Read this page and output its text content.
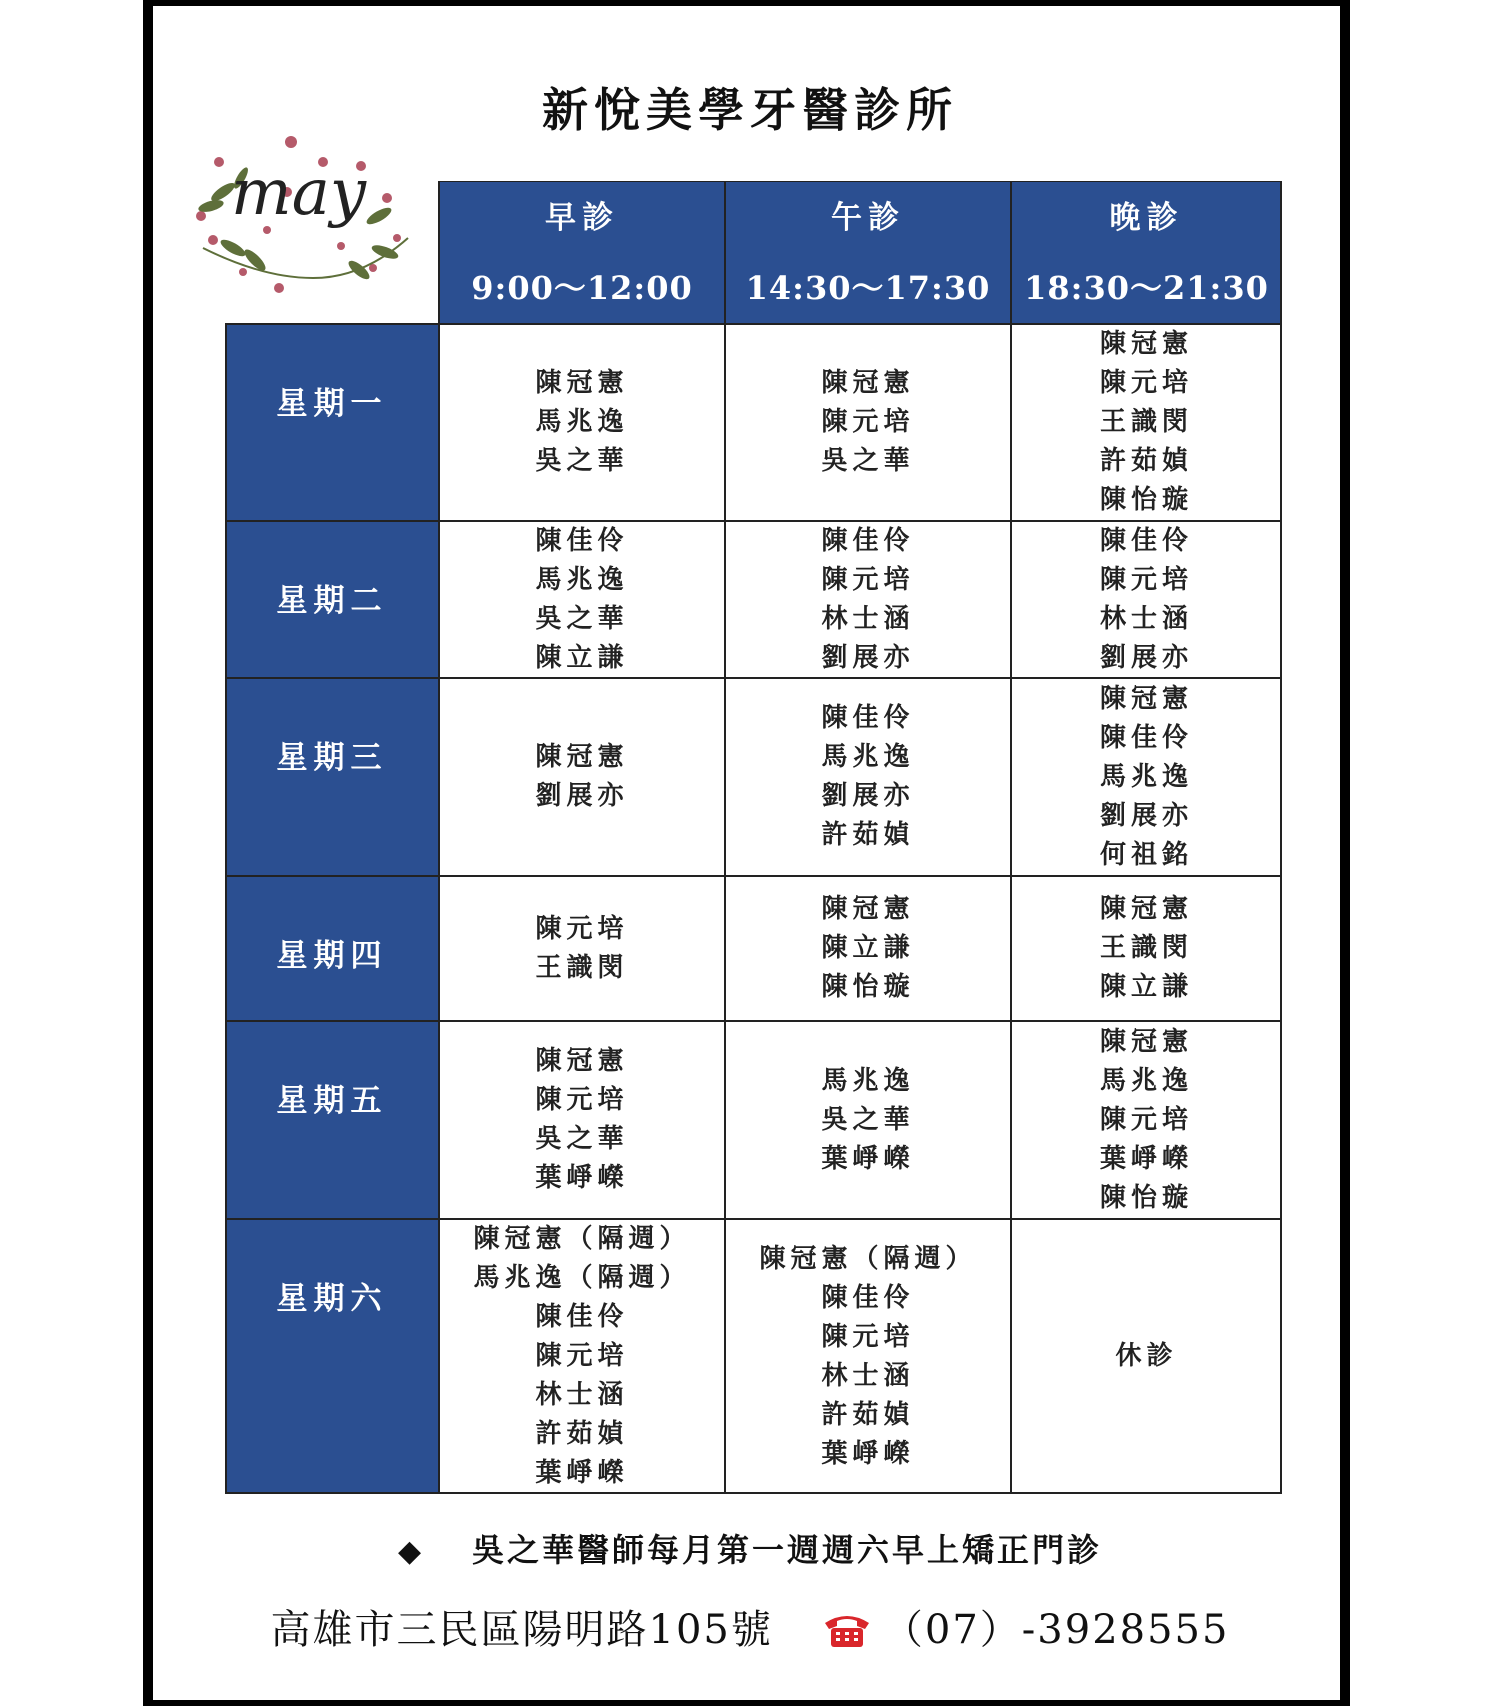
新悅美學牙醫診所
may	早診
9:00～12:00
午診
14:30～17:30
晚診
18:30～21:30
星期一
星期二
星期三
星期四
星期五
星期六
陳冠憲
馬兆逸
吳之華
陳冠憲
陳元培
吳之華
陳冠憲
陳元培
王識閔
許茹媜
陳怡璇
陳佳伶
馬兆逸
吳之華
陳立謙
陳佳伶
陳元培
林士涵
劉展亦
陳佳伶
陳元培
林士涵
劉展亦
陳冠憲
劉展亦
陳佳伶
馬兆逸
劉展亦
許茹媜
陳冠憲
陳佳伶
馬兆逸
劉展亦
何祖銘
陳元培
王識閔
陳冠憲
陳立謙
陳怡璇
陳冠憲
王識閔
陳立謙
陳冠憲
陳元培
吳之華
葉崢嶸
馬兆逸
吳之華
葉崢嶸
陳冠憲
馬兆逸
陳元培
葉崢嶸
陳怡璇
陳冠憲（隔週）
馬兆逸（隔週）
陳佳伶
陳元培
林士涵
許茹媜
葉崢嶸
陳冠憲（隔週）
陳佳伶
陳元培
林士涵
許茹媜
葉崢嶸
休診
◆ 吳之華醫師每月第一週週六早上矯正門診
高雄市三民區陽明路105號	（07）-3928555
